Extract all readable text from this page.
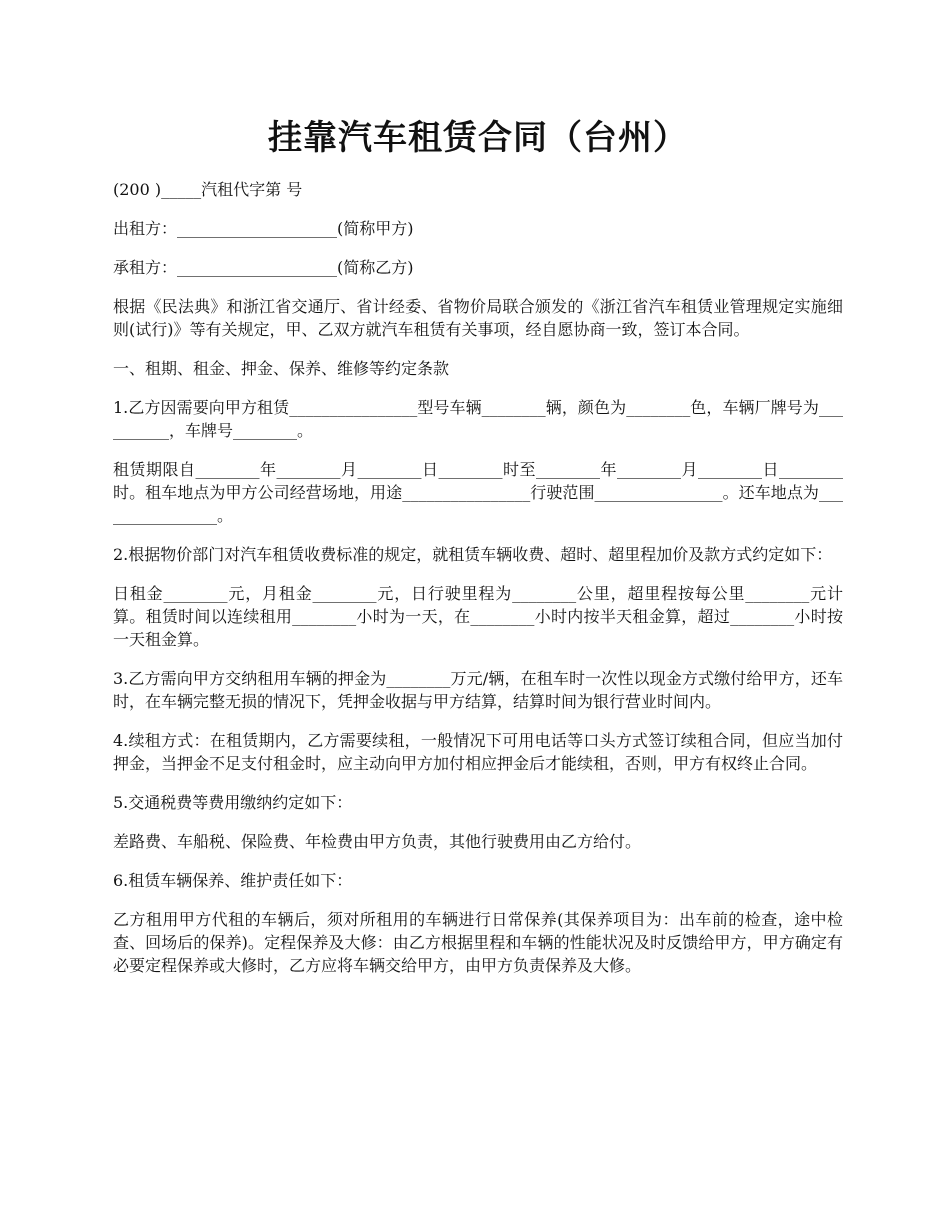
挂靠汽车租赁合同（台州）

(200 )_____汽租代字第 号

出租方：____________________(简称甲方)

承租方：____________________(简称乙方)

根据《民法典》和浙江省交通厅、省计经委、省物价局联合颁发的《浙江省汽车租赁业管理规定实施细则(试行)》等有关规定，甲、乙双方就汽车租赁有关事项，经自愿协商一致，签订本合同。

一、租期、租金、押金、保养、维修等约定条款

1.乙方因需要向甲方租赁________________型号车辆________辆，颜色为________色，车辆厂牌号为__________，车牌号________。

租赁期限自________年________月________日________时至________年________月________日________时。租车地点为甲方公司经营场地，用途________________行驶范围________________。还车地点为________________。

2.根据物价部门对汽车租赁收费标准的规定，就租赁车辆收费、超时、超里程加价及款方式约定如下：

日租金________元，月租金________元，日行驶里程为________公里，超里程按每公里________元计算。租赁时间以连续租用________小时为一天，在________小时内按半天租金算，超过________小时按一天租金算。

3.乙方需向甲方交纳租用车辆的押金为________万元/辆，在租车时一次性以现金方式缴付给甲方，还车时，在车辆完整无损的情况下，凭押金收据与甲方结算，结算时间为银行营业时间内。

4.续租方式：在租赁期内，乙方需要续租，一般情况下可用电话等口头方式签订续租合同，但应当加付押金，当押金不足支付租金时，应主动向甲方加付相应押金后才能续租，否则，甲方有权终止合同。

5.交通税费等费用缴纳约定如下：

差路费、车船税、保险费、年检费由甲方负责，其他行驶费用由乙方给付。

6.租赁车辆保养、维护责任如下：

乙方租用甲方代租的车辆后，须对所租用的车辆进行日常保养(其保养项目为：出车前的检查，途中检查、回场后的保养)。定程保养及大修：由乙方根据里程和车辆的性能状况及时反馈给甲方，甲方确定有必要定程保养或大修时，乙方应将车辆交给甲方，由甲方负责保养及大修。
